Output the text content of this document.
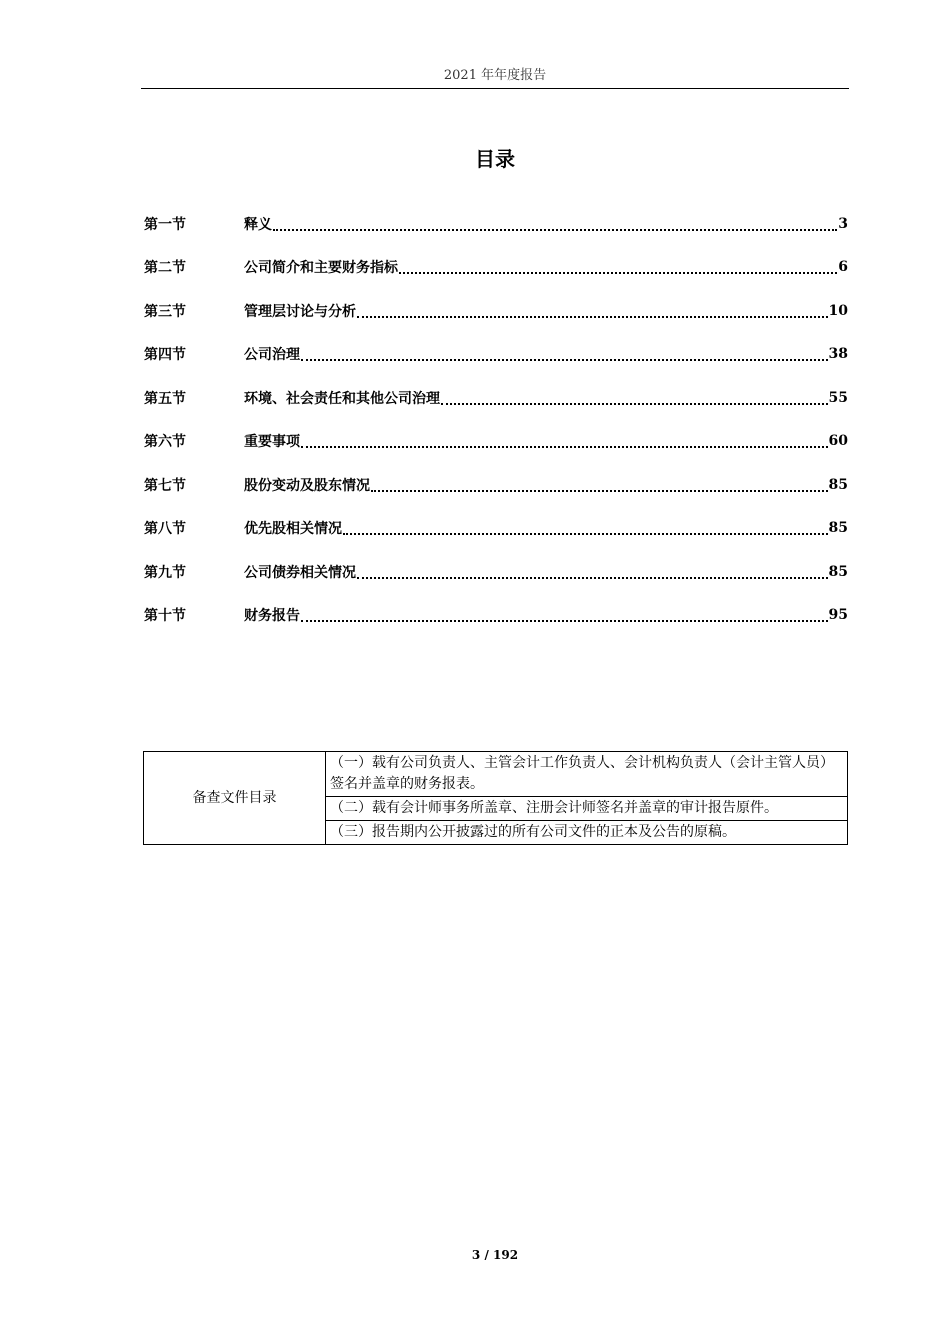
2021 年年度报告
目录
第一节	释义	3
第二节	公司简介和主要财务指标	6
第三节	管理层讨论与分析	10
第四节	公司治理	38
第五节	环境、社会责任和其他公司治理	55
第六节	重要事项	60
第七节	股份变动及股东情况	85
第八节	优先股相关情况	85
第九节	公司债券相关情况	85
第十节	财务报告	95
备查文件目录	（一）载有公司负责人、主管会计工作负责人、会计机构负责人（会计主管人员）签名并盖章的财务报表。
（二）载有会计师事务所盖章、注册会计师签名并盖章的审计报告原件。
（三）报告期内公开披露过的所有公司文件的正本及公告的原稿。
3 / 192
